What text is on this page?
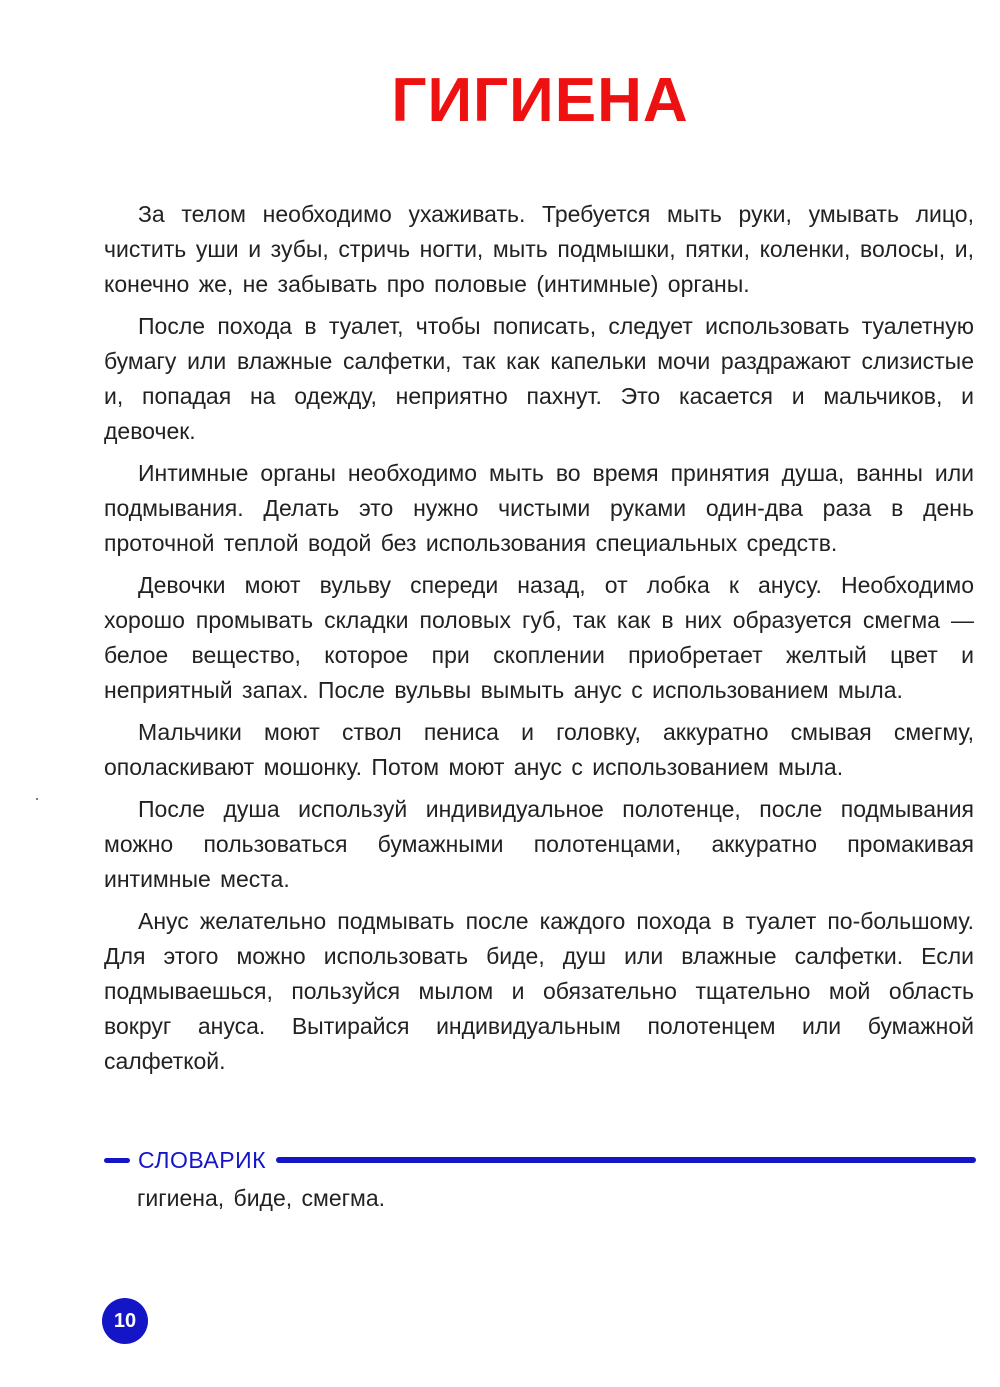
ГИГИЕНА

За телом необходимо ухаживать. Требуется мыть руки, умывать лицо, чистить уши и зубы, стричь ногти, мыть подмышки, пятки, коленки, волосы, и, конечно же, не забывать про половые (интимные) органы.

После похода в туалет, чтобы пописать, следует использовать туалетную бумагу или влажные салфетки, так как капельки мочи раздражают слизистые и, попадая на одежду, неприятно пахнут. Это касается и мальчиков, и девочек.

Интимные органы необходимо мыть во время принятия душа, ванны или подмывания. Делать это нужно чистыми руками один-два раза в день проточной теплой водой без использования специальных средств.

Девочки моют вульву спереди назад, от лобка к анусу. Необходимо хорошо промывать складки половых губ, так как в них образуется смегма — белое вещество, которое при скоплении приобретает желтый цвет и неприятный запах. После вульвы вымыть анус с использованием мыла.

Мальчики моют ствол пениса и головку, аккуратно смывая смегму, ополаскивают мошонку. Потом моют анус с использованием мыла.

После душа используй индивидуальное полотенце, после подмывания можно пользоваться бумажными полотенцами, аккуратно промакивая интимные места.

Анус желательно подмывать после каждого похода в туалет по-большому. Для этого можно использовать биде, душ или влажные салфетки. Если подмываешься, пользуйся мылом и обязательно тщательно мой область вокруг ануса. Вытирайся индивидуальным полотенцем или бумажной салфеткой.

СЛОВАРИК
гигиена, биде, смегма.
10
